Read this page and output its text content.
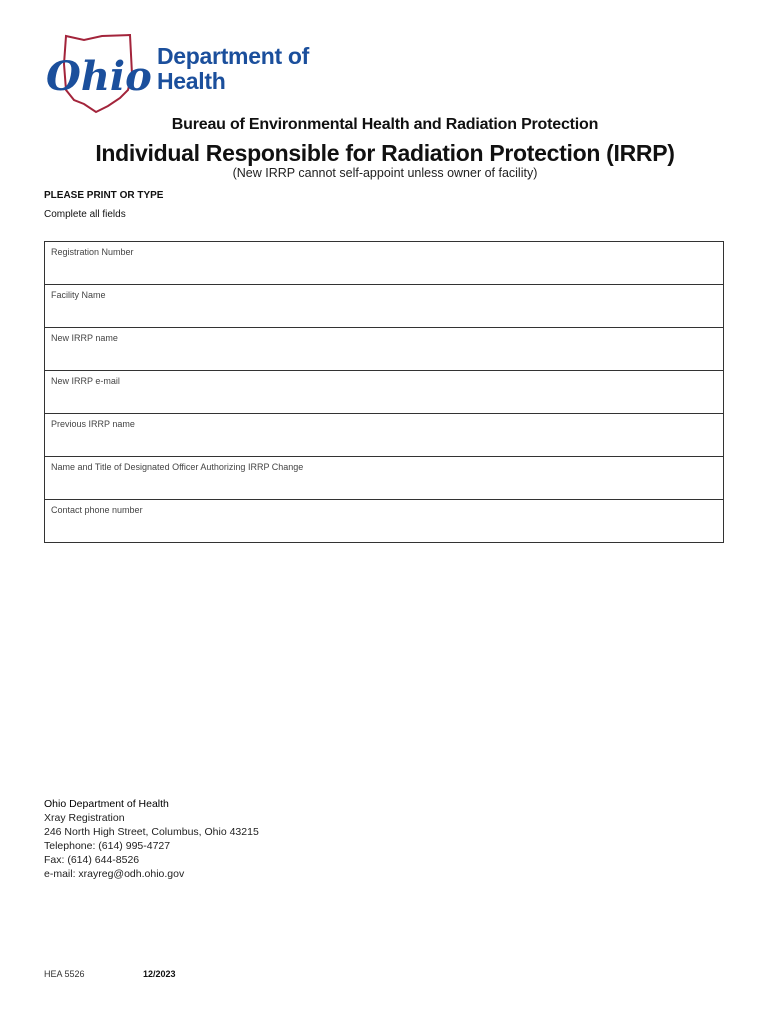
Ohio Department of
Health
Bureau of Environmental Health and Radiation Protection
Individual Responsible for Radiation Protection (IRRP)
(New IRRP cannot self-appoint unless owner of facility)
PLEASE PRINT OR TYPE
Complete all fields
Registration Number
Facility Name
New IRRP name
New IRRP e-mail
Previous IRRP name
Name and Title of Designated Officer Authorizing IRRP Change
Contact phone number
Ohio Department of Health
Xray Registration
246 North High Street, Columbus, Ohio 43215
Telephone: (614) 995-4727
Fax: (614) 644-8526
e-mail: xrayreg@odh.ohio.gov
HEA 5526	12/2023
